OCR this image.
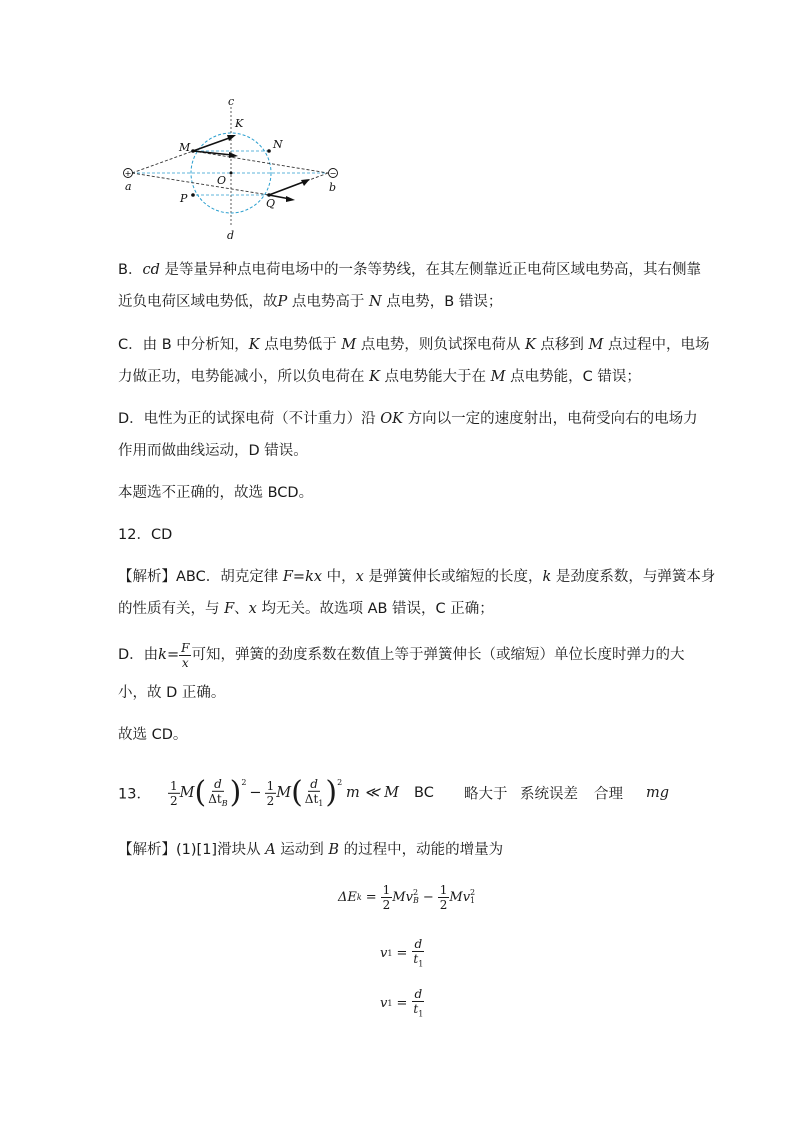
+	−
c
K
M	N
a	O
b
P	Q
d
B．cd 是等量异种点电荷电场中的一条等势线，在其左侧靠近正电荷区域电势高，其右侧靠
近负电荷区域电势低，故P 点电势高于 N 点电势，B 错误；
C．由 B 中分析知，K 点电势低于 M 点电势，则负试探电荷从 K 点移到 M 点过程中，电场
力做正功，电势能减小，所以负电荷在 K 点电势能大于在 M 点电势能，C 错误；
D．电性为正的试探电荷（不计重力）沿 OK 方向以一定的速度射出，电荷受向右的电场力
作用而做曲线运动，D 错误。
本题选不正确的，故选 BCD。
12．CD
【解析】ABC．胡克定律 F=kx 中，x 是弹簧伸长或缩短的长度，k 是劲度系数，与弹簧本身
的性质有关，与 F、x 均无关。故选项 AB 错误，C 正确；
D．由 $k = \frac{F}{x}$ 可知，弹簧的劲度系数在数值上等于弹簧伸长（或缩短）单位长度时弹力的大
小，故 D 正确。
故选 CD。
13． $\frac{1}{2}$ M ( $\frac{d}{\Delta t_B} )^2$
− $\frac{1}{2}$ M ( $\frac{d}{\Delta t_1} )^2$
m ≪ M BC 略大于 系统误差 合理 mg
【解析】(1)[1]滑块从 A 运动到 B 的过程中，动能的增量为
ΔE $k = \frac{1}{2}$ Mv 2
$B - \frac{1}{2}$ Mv 2
1
v $1 = \frac{d}{t_1}$
v $1 = \frac{d}{t_1}$
